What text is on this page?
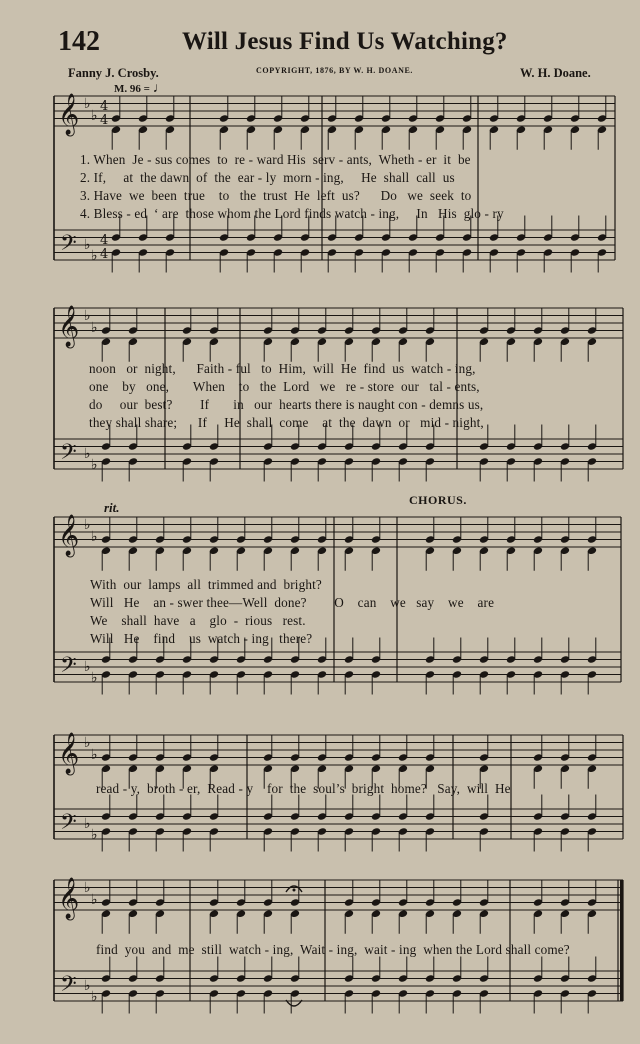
142	Will Jesus Find Us Watching?
Fanny J. Crosby.	COPYRIGHT, 1876, BY W. H. DOANE.	W. H. Doane.
M. 96 = ♩
rit.	CHORUS.
𝄞 ♭
♭
4
4
𝄢 ♭
♭
4
4
𝄞 ♭
♭
𝄢 ♭
♭
𝄞 ♭
♭
𝄢 ♭
♭
𝄞 ♭
♭
𝄢 ♭
♭
𝄞 ♭
♭
𝄢 ♭
♭
1. When  Je - sus comes  to  re - ward His  serv - ants,  Wheth - er  it  be
2. If,     at  the dawn  of  the  ear - ly  morn - ing,     He  shall  call  us
3. Have  we  been  true    to   the  trust  He  left  us?      Do   we  seek  to
4. Bless - ed  ʻ are  those whom the Lord finds watch - ing,     In   His  glo - ry
noon   or  night,      Faith - ful   to  Him,  will  He  find  us  watch - ing,
one    by   one,       When    to   the  Lord   we   re - store  our   tal - ents,
do     our  best?        If       in   our  hearts there is naught con - demns us,
they shall share;      If     He  shall  come    at  the  dawn  or   mid - night,
With  our  lamps  all  trimmed and  bright?
Will   He    an - swer thee—Well  done?        O    can    we   say    we    are
We    shall  have   a    glo  -  rious   rest.
Will   He    find    us  watch - ing   there?
read - y,  broth - er,  Read - y    for  the  soul’s  bright  home?   Say,  will  He
find  you  and  me  still  watch - ing,  Wait - ing,  wait - ing  when the Lord shall come?
